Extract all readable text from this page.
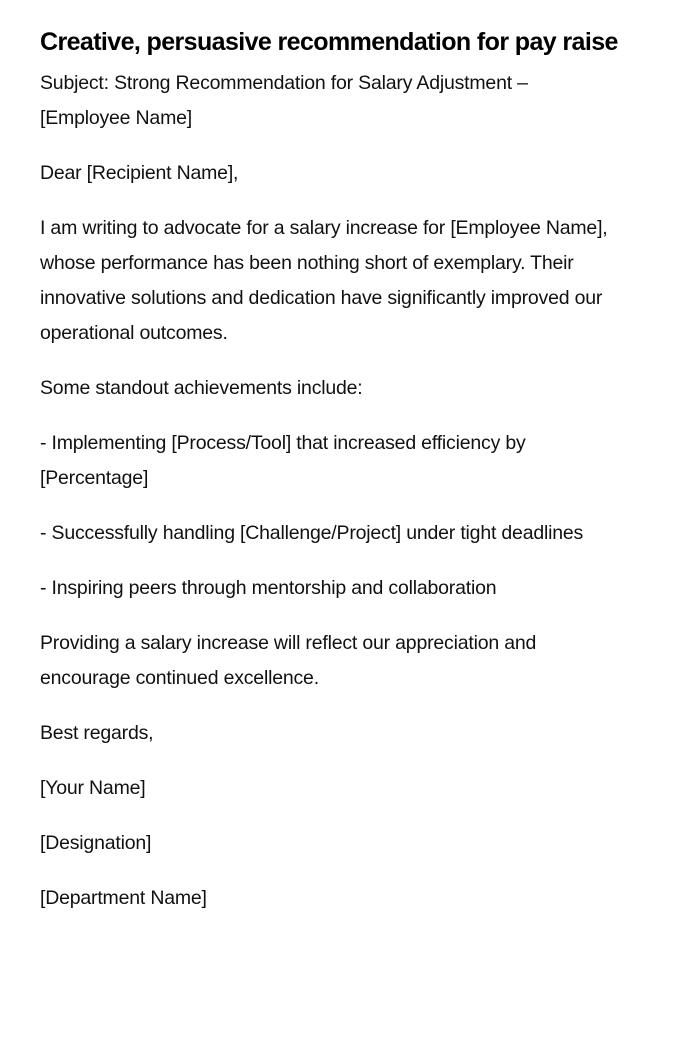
Creative, persuasive recommendation for pay raise

Subject: Strong Recommendation for Salary Adjustment – [Employee Name]

Dear [Recipient Name],

I am writing to advocate for a salary increase for [Employee Name], whose performance has been nothing short of exemplary. Their innovative solutions and dedication have significantly improved our operational outcomes.

Some standout achievements include:

- Implementing [Process/Tool] that increased efficiency by [Percentage]

- Successfully handling [Challenge/Project] under tight deadlines

- Inspiring peers through mentorship and collaboration

Providing a salary increase will reflect our appreciation and encourage continued excellence.

Best regards,

[Your Name]

[Designation]

[Department Name]
